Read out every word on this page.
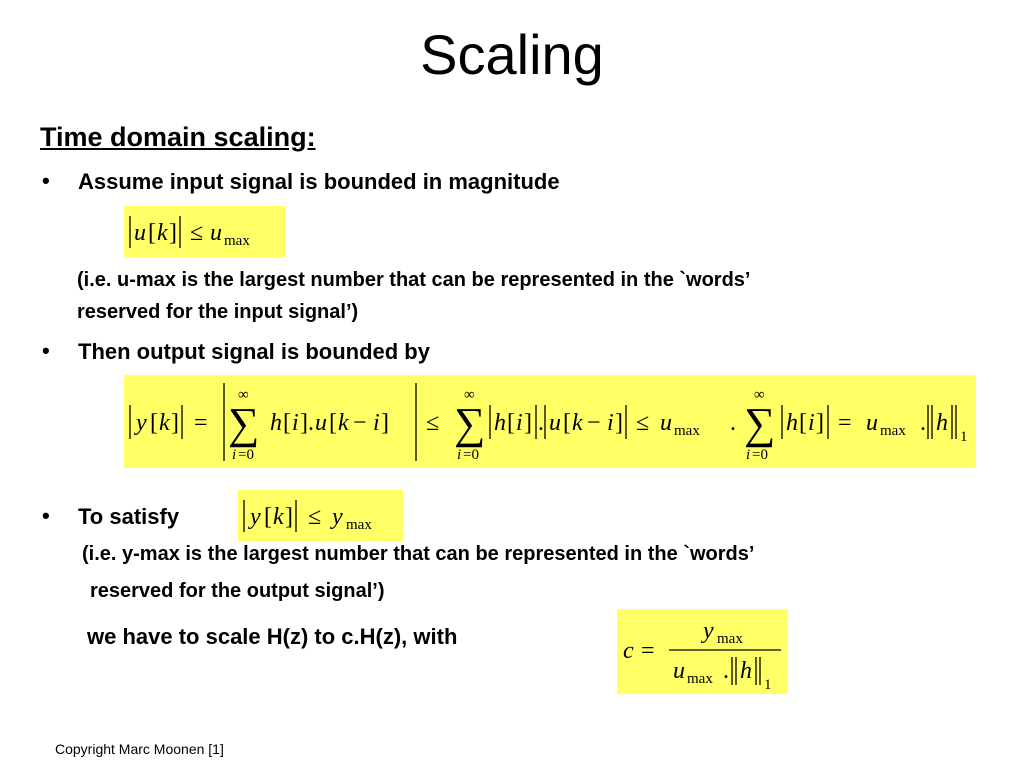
Scaling
Time domain scaling:
• Assume input signal is bounded in magnitude
u [ k ] ≤ u max
(i.e. u-max is the largest number that can be represented in the `words’
reserved for the input signal’)
• Then output signal is bounded by
y [ k ] =
∞
∑
i =0
h [ i ]. u [ k − i ] ≤
∞
∑
i =0
h [ i ] . u [ k − i ] ≤ u max .
∞
∑
i =0
h [ i ] = u max . h
1
• To satisfy	y [ k ] ≤ y max
(i.e. y-max is the largest number that can be represented in the `words’
reserved for the output signal’)
we have to scale H(z) to c.H(z), with
c =
y max
u max . h
1
Copyright Marc Moonen [1]
